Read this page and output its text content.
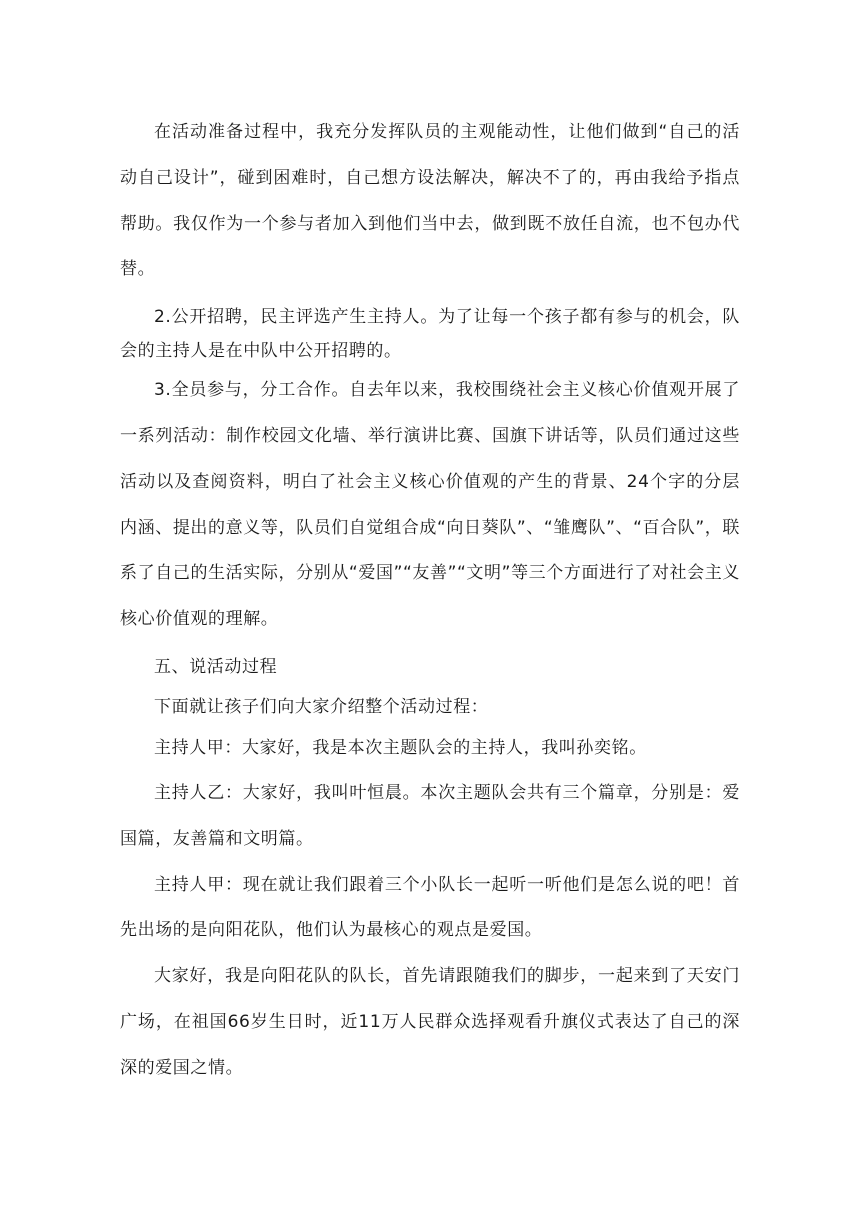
在活动准备过程中，我充分发挥队员的主观能动性，让他们做到“自己的活动自己设计”，碰到困难时，自己想方设法解决，解决不了的，再由我给予指点帮助。我仅作为一个参与者加入到他们当中去，做到既不放任自流，也不包办代替。

2.公开招聘，民主评选产生主持人。为了让每一个孩子都有参与的机会，队会的主持人是在中队中公开招聘的。

3.全员参与，分工合作。自去年以来，我校围绕社会主义核心价值观开展了一系列活动：制作校园文化墙、举行演讲比赛、国旗下讲话等，队员们通过这些活动以及查阅资料，明白了社会主义核心价值观的产生的背景、24个字的分层内涵、提出的意义等，队员们自觉组合成“向日葵队”、“雏鹰队”、“百合队”，联系了自己的生活实际，分别从“爱国”“友善”“文明”等三个方面进行了对社会主义核心价值观的理解。

五、说活动过程

下面就让孩子们向大家介绍整个活动过程：

主持人甲：大家好，我是本次主题队会的主持人，我叫孙奕铭。

主持人乙：大家好，我叫叶恒晨。本次主题队会共有三个篇章，分别是：爱国篇，友善篇和文明篇。

主持人甲：现在就让我们跟着三个小队长一起听一听他们是怎么说的吧！首先出场的是向阳花队，他们认为最核心的观点是爱国。

大家好，我是向阳花队的队长，首先请跟随我们的脚步，一起来到了天安门广场，在祖国66岁生日时，近11万人民群众选择观看升旗仪式表达了自己的深深的爱国之情。
